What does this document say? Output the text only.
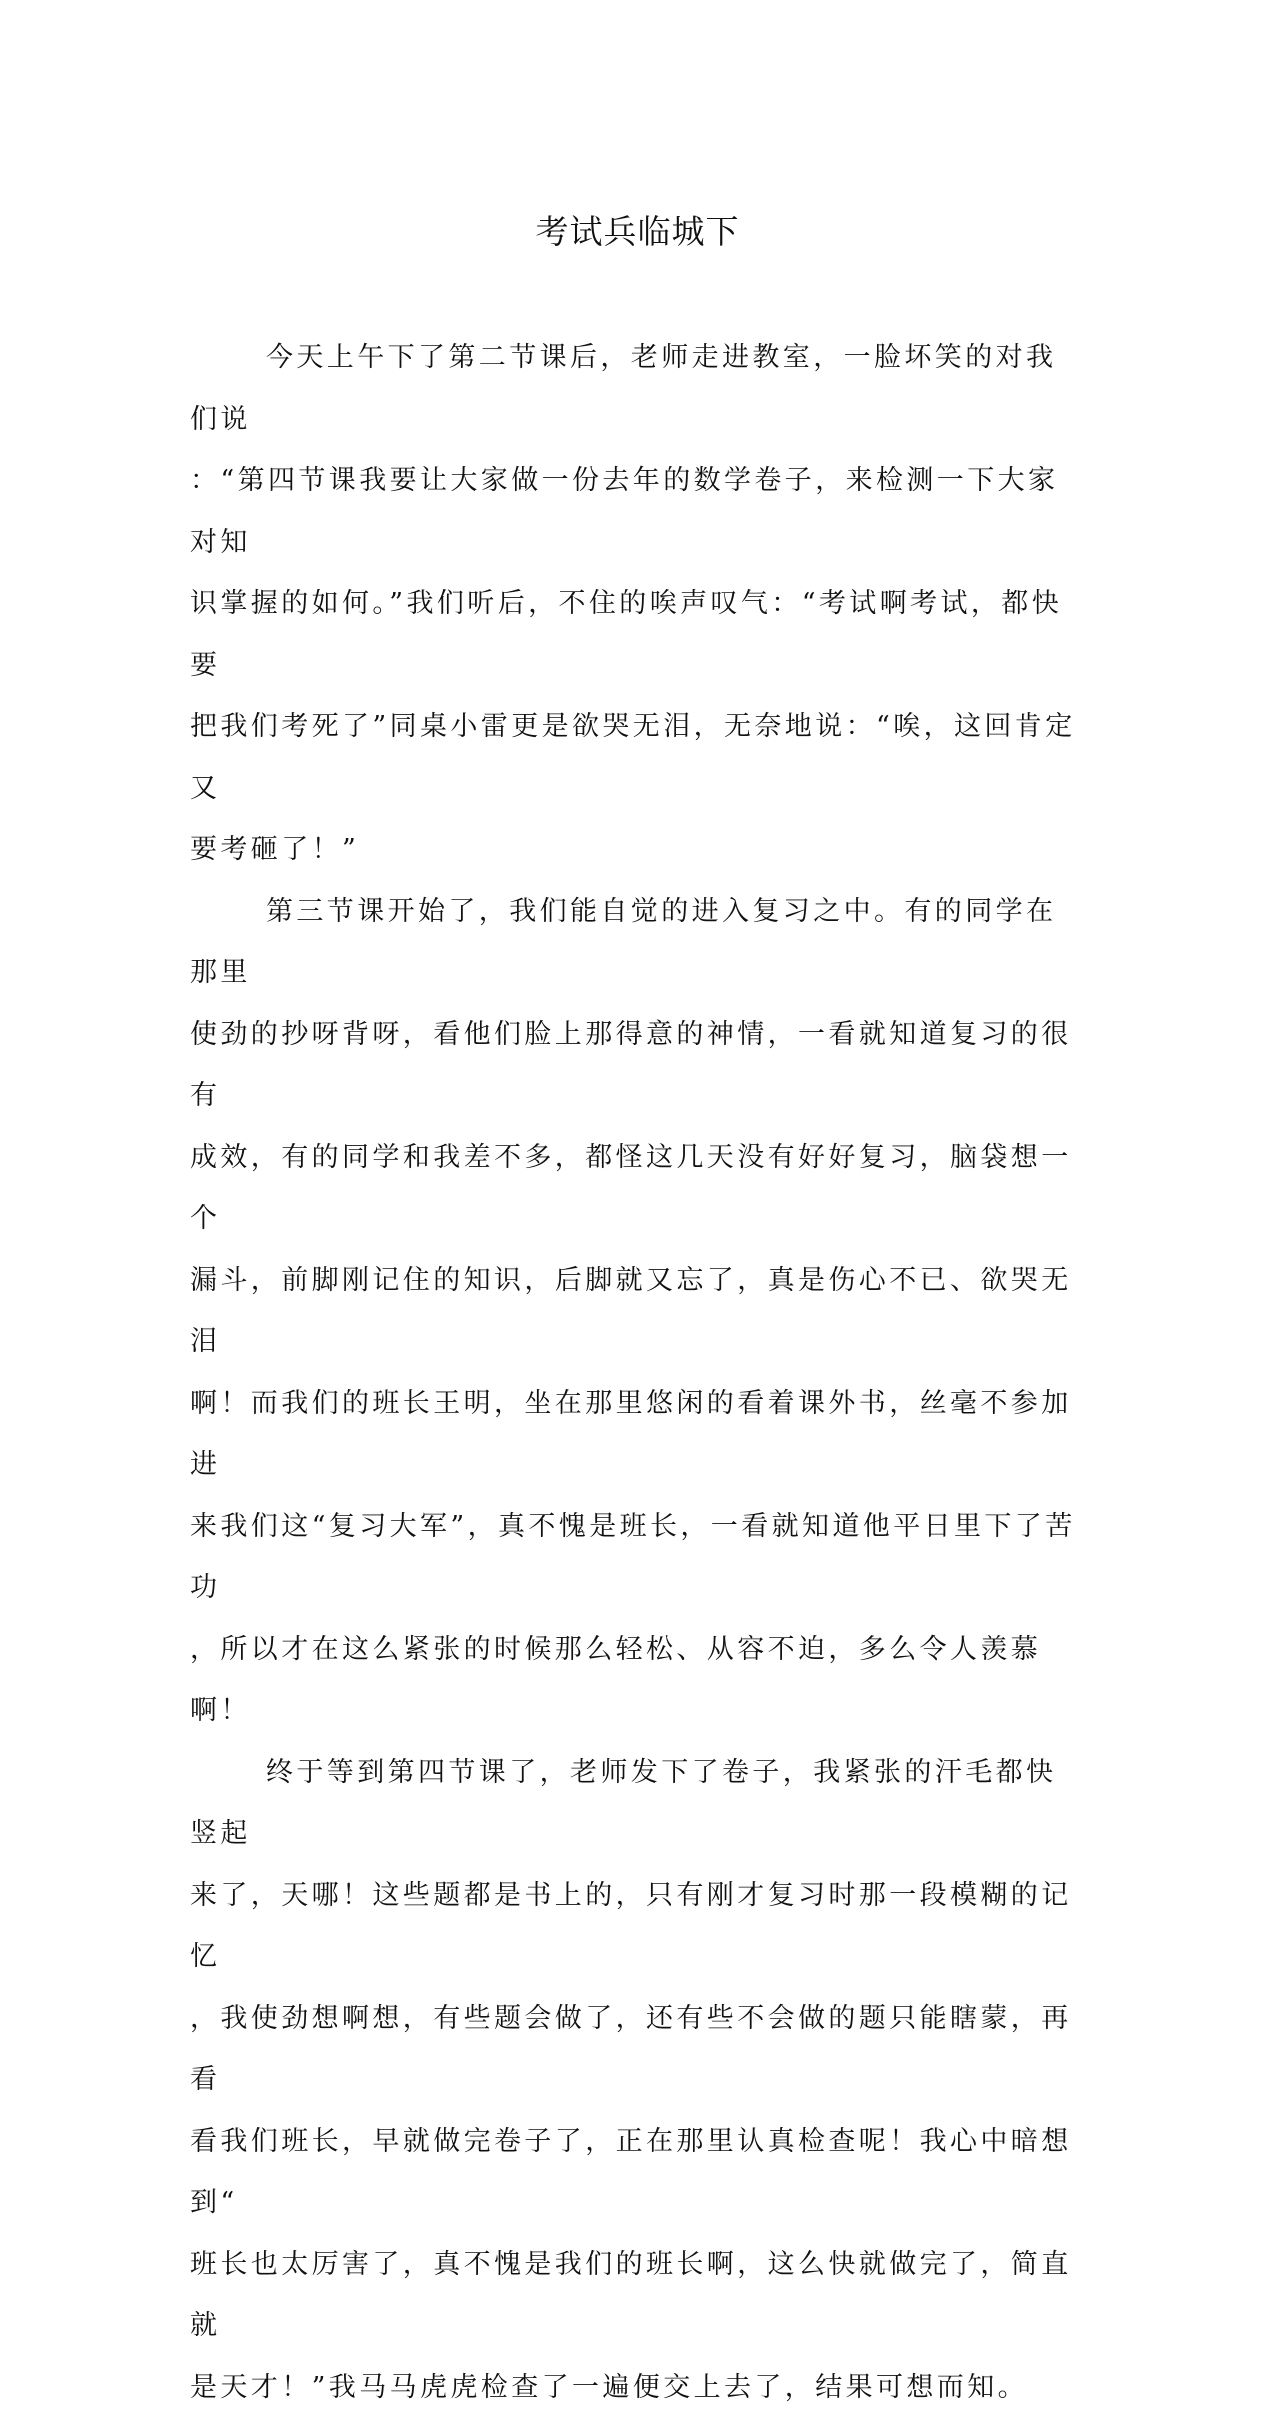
考试兵临城下

今天上午下了第二节课后，老师走进教室，一脸坏笑的对我们说
：“第四节课我要让大家做一份去年的数学卷子，来检测一下大家对知
识掌握的如何。”我们听后，不住的唉声叹气：“考试啊考试，都快要
把我们考死了”同桌小雷更是欲哭无泪，无奈地说：“唉，这回肯定又
要考砸了！”

第三节课开始了，我们能自觉的进入复习之中。有的同学在那里
使劲的抄呀背呀，看他们脸上那得意的神情，一看就知道复习的很有
成效，有的同学和我差不多，都怪这几天没有好好复习，脑袋想一个
漏斗，前脚刚记住的知识，后脚就又忘了，真是伤心不已、欲哭无泪
啊！而我们的班长王明，坐在那里悠闲的看着课外书，丝毫不参加进
来我们这“复习大军”，真不愧是班长，一看就知道他平日里下了苦功
，所以才在这么紧张的时候那么轻松、从容不迫，多么令人羡慕啊！

终于等到第四节课了，老师发下了卷子，我紧张的汗毛都快竖起
来了，天哪！这些题都是书上的，只有刚才复习时那一段模糊的记忆
，我使劲想啊想，有些题会做了，还有些不会做的题只能瞎蒙，再看
看我们班长，早就做完卷子了，正在那里认真检查呢！我心中暗想到“
班长也太厉害了，真不愧是我们的班长啊，这么快就做完了，简直就
是天才！”我马马虎虎检查了一遍便交上去了，结果可想而知。
